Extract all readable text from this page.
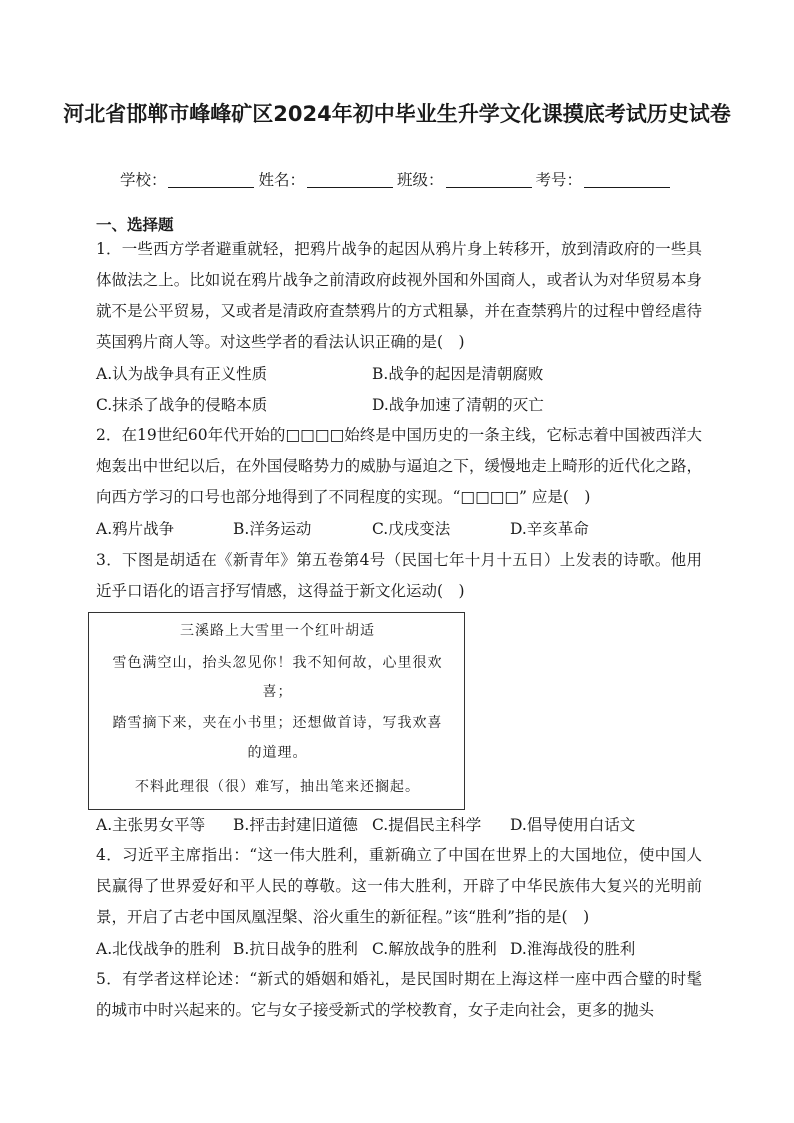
河北省邯郸市峰峰矿区2024年初中毕业生升学文化课摸底考试历史试卷
学校：	姓名：	班级：	考号：
一、选择题
1．一些西方学者避重就轻，把鸦片战争的起因从鸦片身上转移开，放到清政府的一些具体做法之上。比如说在鸦片战争之前清政府歧视外国和外国商人，或者认为对华贸易本身就不是公平贸易，又或者是清政府查禁鸦片的方式粗暴，并在查禁鸦片的过程中曾经虐待英国鸦片商人等。对这些学者的看法认识正确的是(　)
A.认为战争具有正义性质	B.战争的起因是清朝腐败
C.抹杀了战争的侵略本质	D.战争加速了清朝的灭亡
2．在19世纪60年代开始的□□□□始终是中国历史的一条主线，它标志着中国被西洋大炮轰出中世纪以后，在外国侵略势力的威胁与逼迫之下，缓慢地走上畸形的近代化之路，向西方学习的口号也部分地得到了不同程度的实现。“□□□□” 应是(　)
A.鸦片战争	B.洋务运动	C.戊戌变法	D.辛亥革命
3．下图是胡适在《新青年》第五卷第4号（民国七年十月十五日）上发表的诗歌。他用近乎口语化的语言抒写情感，这得益于新文化运动(　)
三溪路上大雪里一个红叶胡适
雪色满空山，抬头忽见你！我不知何故，心里很欢
喜；
踏雪摘下来，夹在小书里；还想做首诗，写我欢喜
的道理。
不料此理很（很）难写，抽出笔来还搁起。
A.主张男女平等 B.抨击封建旧道德 C.提倡民主科学 D.倡导使用白话文
4．习近平主席指出：“这一伟大胜利，重新确立了中国在世界上的大国地位，使中国人民赢得了世界爱好和平人民的尊敬。这一伟大胜利，开辟了中华民族伟大复兴的光明前景，开启了古老中国凤凰涅槃、浴火重生的新征程。”该“胜利”指的是(　)
A.北伐战争的胜利 B.抗日战争的胜利 C.解放战争的胜利 D.淮海战役的胜利
5．有学者这样论述：“新式的婚姻和婚礼，是民国时期在上海这样一座中西合璧的时髦的城市中时兴起来的。它与女子接受新式的学校教育，女子走向社会，更多的抛头
